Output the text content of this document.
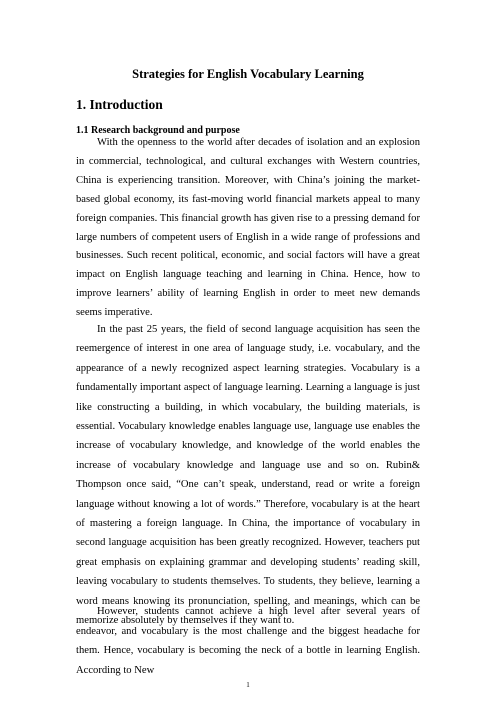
Strategies for English Vocabulary Learning
1. Introduction
1.1 Research background and purpose

With the openness to the world after decades of isolation and an explosion in commercial, technological, and cultural exchanges with Western countries, China is experiencing transition. Moreover, with China’s joining the market-based global economy, its fast-moving world financial markets appeal to many foreign companies. This financial growth has given rise to a pressing demand for large numbers of competent users of English in a wide range of professions and businesses. Such recent political, economic, and social factors will have a great impact on English language teaching and learning in China. Hence, how to improve learners’ ability of learning English in order to meet new demands seems imperative.

In the past 25 years, the field of second language acquisition has seen the reemergence of interest in one area of language study, i.e. vocabulary, and the appearance of a newly recognized aspect learning strategies. Vocabulary is a fundamentally important aspect of language learning. Learning a language is just like constructing a building, in which vocabulary, the building materials, is essential. Vocabulary knowledge enables language use, language use enables the increase of vocabulary knowledge, and knowledge of the world enables the increase of vocabulary knowledge and language use and so on. Rubin& Thompson once said, “One can’t speak, understand, read or write a foreign language without knowing a lot of words.” Therefore, vocabulary is at the heart of mastering a foreign language. In China, the importance of vocabulary in second language acquisition has been greatly recognized. However, teachers put great emphasis on explaining grammar and developing students’ reading skill, leaving vocabulary to students themselves. To students, they believe, learning a word means knowing its pronunciation, spelling, and meanings, which can be memorize absolutely by themselves if they want to.

However, students cannot achieve a high level after several years of endeavor, and vocabulary is the most challenge and the biggest headache for them. Hence, vocabulary is becoming the neck of a bottle in learning English. According to New

1
